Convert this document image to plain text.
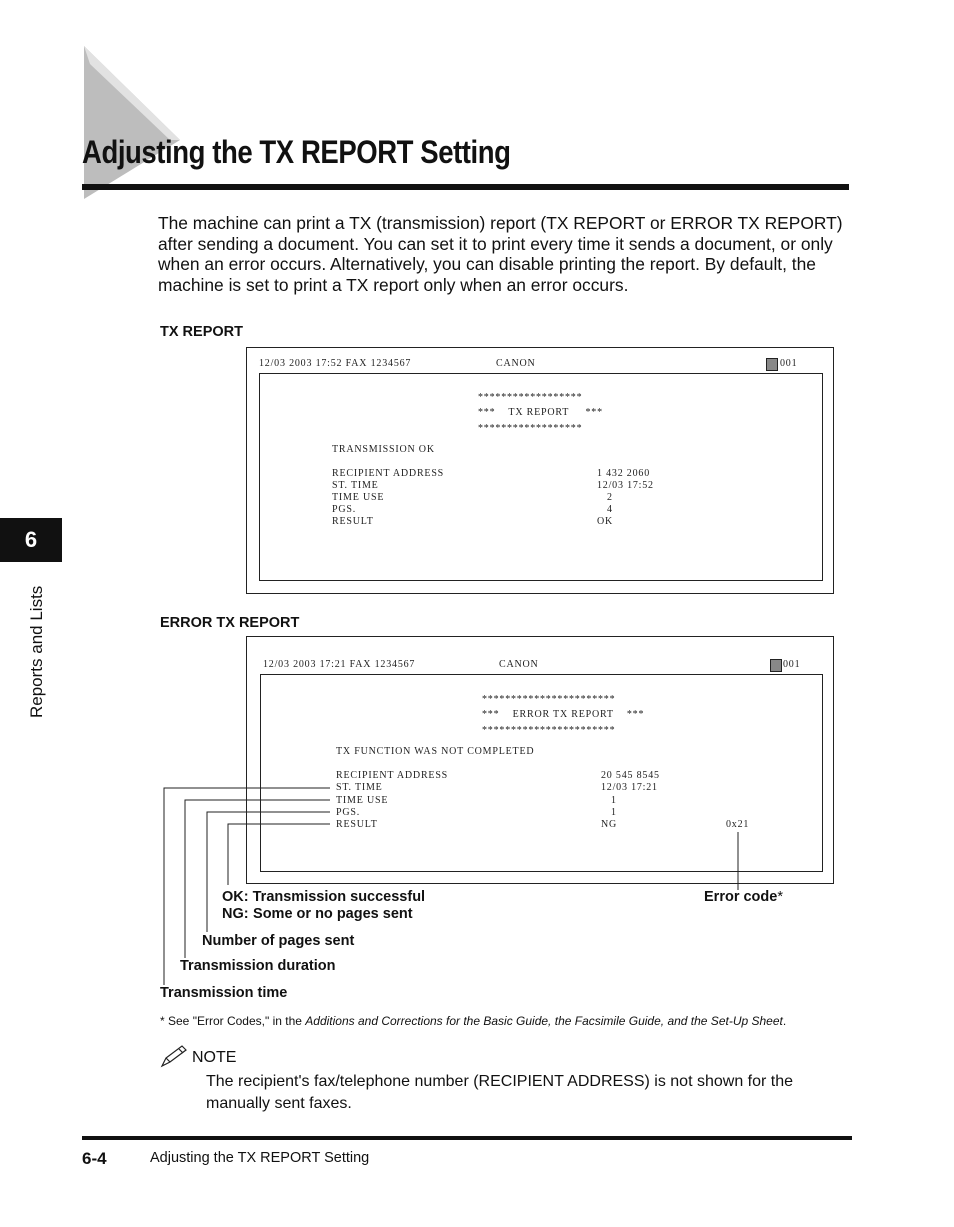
Adjusting the TX REPORT Setting
The machine can print a TX (transmission) report (TX REPORT or ERROR TX REPORT) after sending a document. You can set it to print every time it sends a document, or only when an error occurs. Alternatively, you can disable printing the report. By default, the machine is set to print a TX report only when an error occurs.
6
Reports and Lists
TX REPORT
12/03 2003 17:52 FAX 1234567	CANON	001
******************
***    TX REPORT     ***
******************
TRANSMISSION OK
RECIPIENT ADDRESS	1 432 2060
ST. TIME	12/03 17:52
TIME USE	2
PGS.	4
RESULT	OK
ERROR TX REPORT
12/03 2003 17:21 FAX 1234567	CANON	001
***********************
***    ERROR TX REPORT    ***
***********************
TX FUNCTION WAS NOT COMPLETED
RECIPIENT ADDRESS	20 545 8545
ST. TIME	12/03 17:21
TIME USE	1
PGS.	1
RESULT	NG	0x21
OK: Transmission successful
NG: Some or no pages sent
Error code*
Number of pages sent
Transmission duration
Transmission time
* See "Error Codes," in the Additions and Corrections for the Basic Guide, the Facsimile Guide, and the Set-Up Sheet.
NOTE
The recipient's fax/telephone number (RECIPIENT ADDRESS) is not shown for the manually sent faxes.
6-4	Adjusting the TX REPORT Setting
